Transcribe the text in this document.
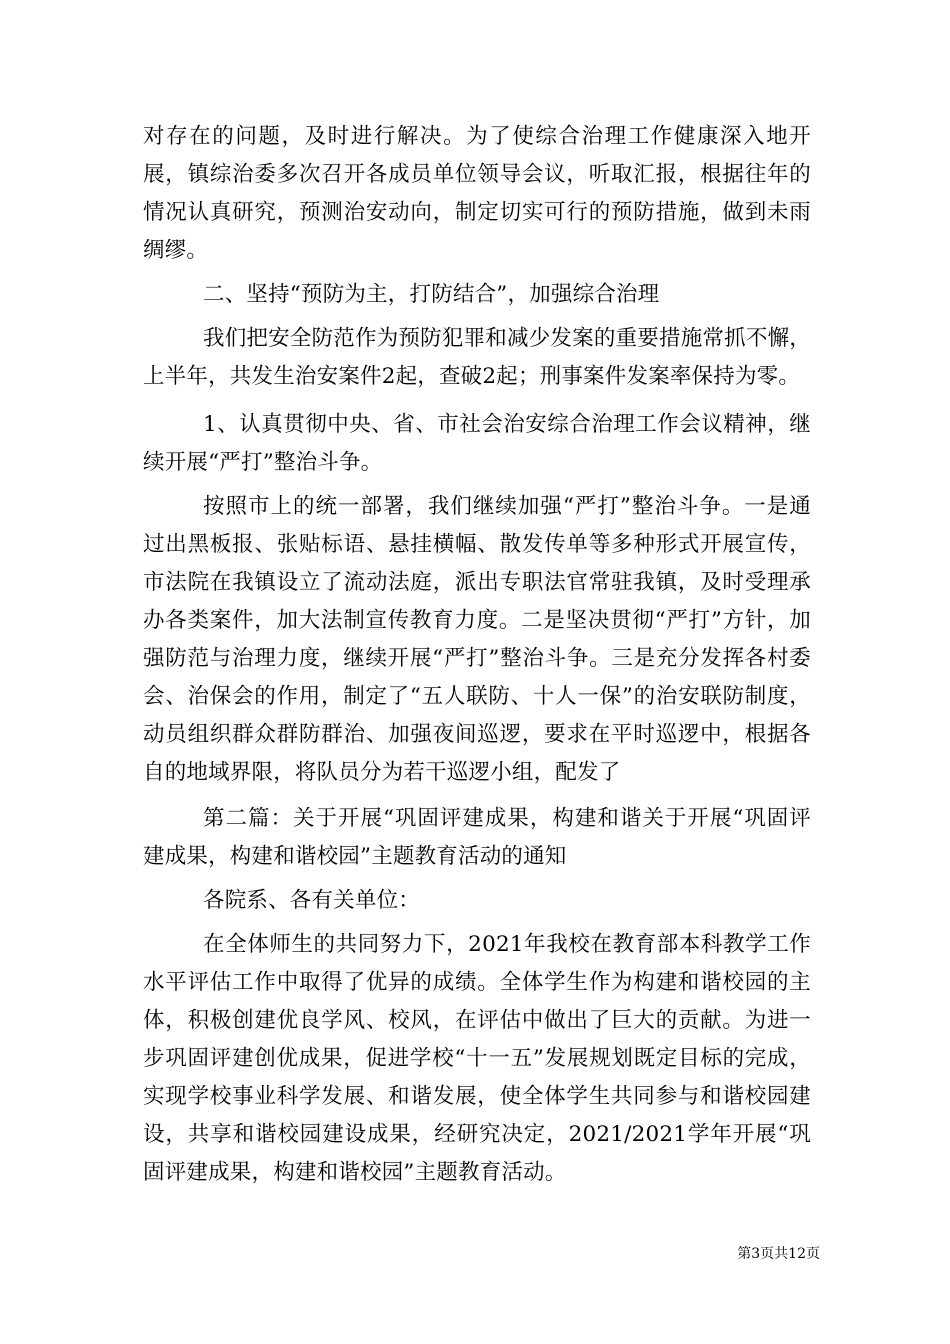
对存在的问题，及时进行解决。为了使综合治理工作健康深入地开展，镇综治委多次召开各成员单位领导会议，听取汇报，根据往年的情况认真研究，预测治安动向，制定切实可行的预防措施，做到未雨绸缪。

二、坚持“预防为主，打防结合”，加强综合治理

我们把安全防范作为预防犯罪和减少发案的重要措施常抓不懈，上半年，共发生治安案件2起，查破2起；刑事案件发案率保持为零。

1、认真贯彻中央、省、市社会治安综合治理工作会议精神，继续开展“严打”整治斗争。

按照市上的统一部署，我们继续加强“严打”整治斗争。一是通过出黑板报、张贴标语、悬挂横幅、散发传单等多种形式开展宣传，市法院在我镇设立了流动法庭，派出专职法官常驻我镇，及时受理承办各类案件，加大法制宣传教育力度。二是坚决贯彻“严打”方针，加强防范与治理力度，继续开展“严打”整治斗争。三是充分发挥各村委会、治保会的作用，制定了“五人联防、十人一保”的治安联防制度，动员组织群众群防群治、加强夜间巡逻，要求在平时巡逻中，根据各自的地域界限，将队员分为若干巡逻小组，配发了

第二篇：关于开展“巩固评建成果，构建和谐关于开展“巩固评建成果，构建和谐校园”主题教育活动的通知

各院系、各有关单位：

在全体师生的共同努力下，2021年我校在教育部本科教学工作水平评估工作中取得了优异的成绩。全体学生作为构建和谐校园的主体，积极创建优良学风、校风，在评估中做出了巨大的贡献。为进一步巩固评建创优成果，促进学校“十一五”发展规划既定目标的完成，实现学校事业科学发展、和谐发展，使全体学生共同参与和谐校园建设，共享和谐校园建设成果，经研究决定，2021/2021学年开展“巩固评建成果，构建和谐校园”主题教育活动。

第3页共12页
